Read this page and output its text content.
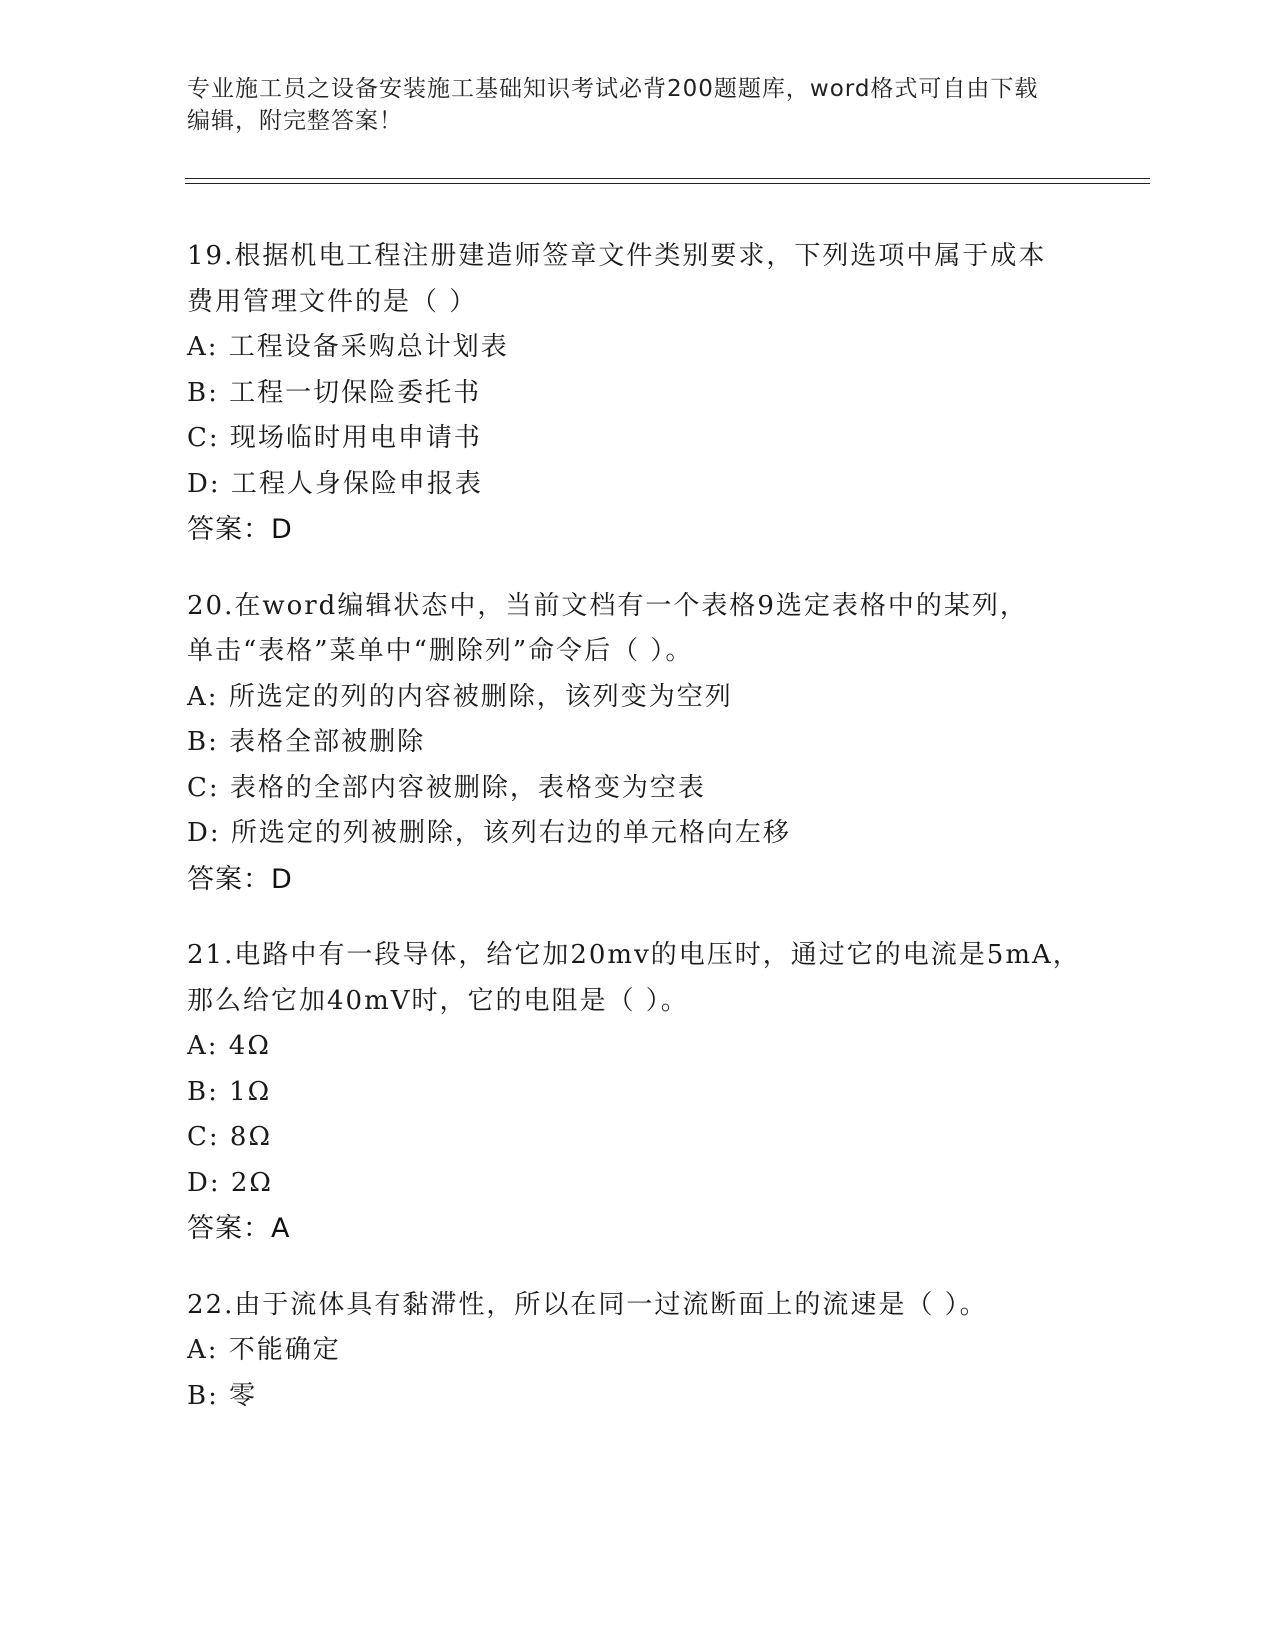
专业施工员之设备安装施工基础知识考试必背200题题库，word格式可自由下载
编辑，附完整答案！
19.根据机电工程注册建造师签章文件类别要求，下列选项中属于成本
费用管理文件的是（ ）
A: 工程设备采购总计划表
B: 工程一切保险委托书
C: 现场临时用电申请书
D: 工程人身保险申报表
答案：D
20.在word编辑状态中，当前文档有一个表格9选定表格中的某列，
单击“表格”菜单中“删除列”命令后（ ）。
A: 所选定的列的内容被删除，该列变为空列
B: 表格全部被删除
C: 表格的全部内容被删除，表格变为空表
D: 所选定的列被删除，该列右边的单元格向左移
答案：D
21.电路中有一段导体，给它加20mv的电压时，通过它的电流是5mA，
那么给它加40mV时，它的电阻是（ ）。
A: 4Ω
B: 1Ω
C: 8Ω
D: 2Ω
答案：A
22.由于流体具有黏滞性，所以在同一过流断面上的流速是（ ）。
A: 不能确定
B: 零
